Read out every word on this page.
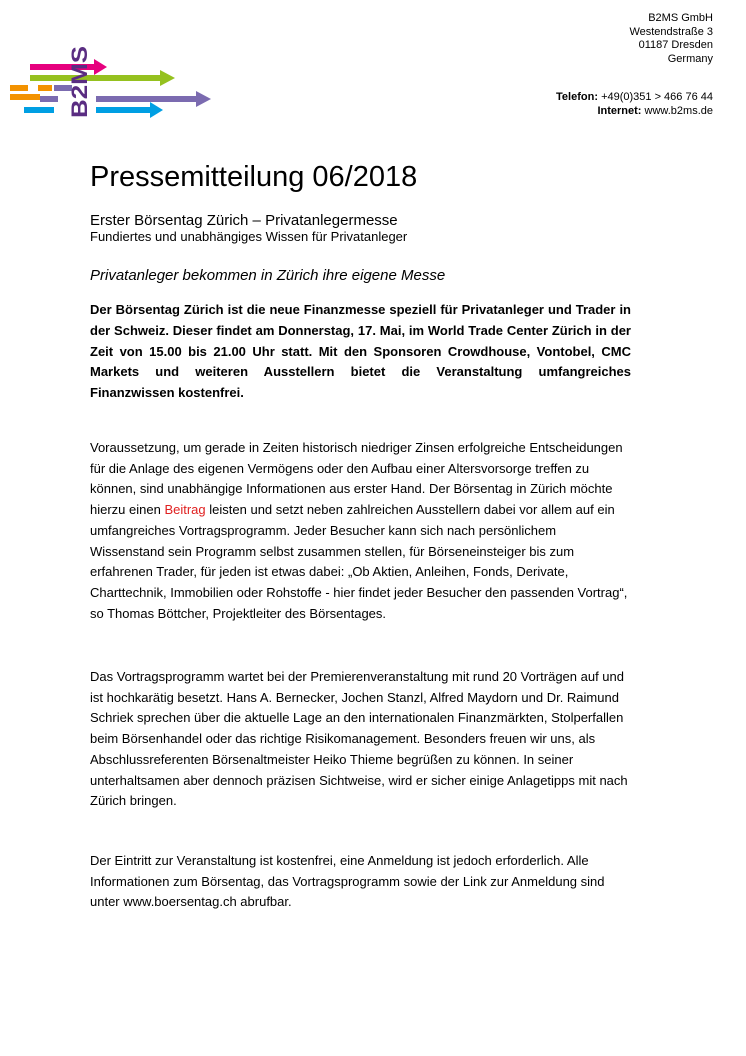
B2MS
B2MS GmbH
Westendstraße 3
01187 Dresden
Germany
Telefon: +49(0)351 > 466 76 44
Internet: www.b2ms.de
Pressemitteilung 06/2018
Erster Börsentag Zürich – Privatanlegermesse
Fundiertes und unabhängiges Wissen für Privatanleger
Privatanleger bekommen in Zürich ihre eigene Messe
Der Börsentag Zürich ist die neue Finanzmesse speziell für Privatanleger und Trader in der Schweiz. Dieser findet am Donnerstag, 17. Mai, im World Trade Center Zürich in der Zeit von 15.00 bis 21.00 Uhr statt. Mit den Sponsoren Crowdhouse, Vontobel, CMC Markets und weiteren Ausstellern bietet die Veranstaltung umfangreiches Finanzwissen kostenfrei.
Voraussetzung, um gerade in Zeiten historisch niedriger Zinsen erfolgreiche Entscheidungen für die Anlage des eigenen Vermögens oder den Aufbau einer Altersvorsorge treffen zu können, sind unabhängige Informationen aus erster Hand. Der Börsentag in Zürich möchte hierzu einen Beitrag leisten und setzt neben zahlreichen Ausstellern dabei vor allem auf ein umfangreiches Vortragsprogramm. Jeder Besucher kann sich nach persönlichem Wissenstand sein Programm selbst zusammen stellen, für Börseneinsteiger bis zum erfahrenen Trader, für jeden ist etwas dabei: „Ob Aktien, Anleihen, Fonds, Derivate, Charttechnik, Immobilien oder Rohstoffe - hier findet jeder Besucher den passenden Vortrag“, so Thomas Böttcher, Projektleiter des Börsentages.
Das Vortragsprogramm wartet bei der Premierenveranstaltung mit rund 20 Vorträgen auf und ist hochkarätig besetzt. Hans A. Bernecker, Jochen Stanzl, Alfred Maydorn und Dr. Raimund Schriek sprechen über die aktuelle Lage an den internationalen Finanzmärkten, Stolperfallen beim Börsenhandel oder das richtige Risikomanagement. Besonders freuen wir uns, als Abschlussreferenten Börsenaltmeister Heiko Thieme begrüßen zu können. In seiner unterhaltsamen aber dennoch präzisen Sichtweise, wird er sicher einige Anlagetipps mit nach Zürich bringen.
Der Eintritt zur Veranstaltung ist kostenfrei, eine Anmeldung ist jedoch erforderlich. Alle Informationen zum Börsentag, das Vortragsprogramm sowie der Link zur Anmeldung sind unter www.boersentag.ch abrufbar.
